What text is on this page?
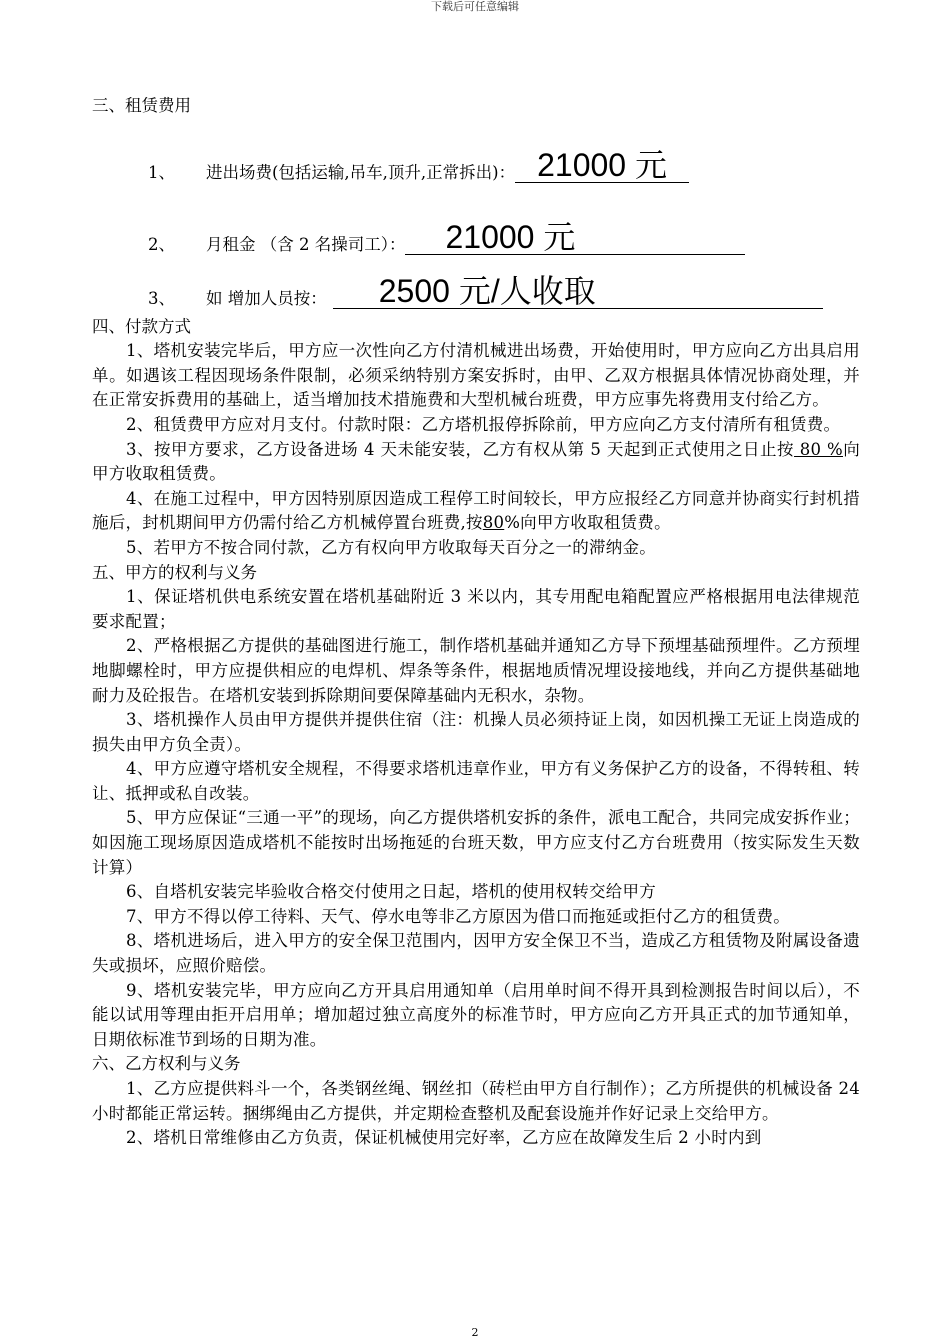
下载后可任意编辑

三、租赁费用

1、	进出场费(包括运输,吊车,顶升,正常拆出)： 21000 元
2、	月租金 （含 2 名操司工）：	21000 元
3、	如 增加人员按：	2500 元/人收取

四、付款方式

1、塔机安装完毕后，甲方应一次性向乙方付清机械进出场费，开始使用时，甲方应向乙方出具启用单。如遇该工程因现场条件限制，必须采纳特别方案安拆时，由甲、乙双方根据具体情况协商处理，并在正常安拆费用的基础上，适当增加技术措施费和大型机械台班费，甲方应事先将费用支付给乙方。

2、租赁费甲方应对月支付。付款时限：乙方塔机报停拆除前，甲方应向乙方支付清所有租赁费。

3、按甲方要求，乙方设备进场 4 天未能安装，乙方有权从第 5 天起到正式使用之日止按 80 %向甲方收取租赁费。

4、在施工过程中，甲方因特别原因造成工程停工时间较长，甲方应报经乙方同意并协商实行封机措施后，封机期间甲方仍需付给乙方机械停置台班费,按80%向甲方收取租赁费。

5、若甲方不按合同付款，乙方有权向甲方收取每天百分之一的滞纳金。

五、甲方的权利与义务

1、保证塔机供电系统安置在塔机基础附近 3 米以内，其专用配电箱配置应严格根据用电法律规范要求配置；

2、严格根据乙方提供的基础图进行施工，制作塔机基础并通知乙方导下预埋基础预埋件。乙方预埋地脚螺栓时，甲方应提供相应的电焊机、焊条等条件，根据地质情况埋设接地线，并向乙方提供基础地耐力及砼报告。在塔机安装到拆除期间要保障基础内无积水，杂物。

3、塔机操作人员由甲方提供并提供住宿（注：机操人员必须持证上岗，如因机操工无证上岗造成的损失由甲方负全责）。

4、甲方应遵守塔机安全规程，不得要求塔机违章作业，甲方有义务保护乙方的设备，不得转租、转让、抵押或私自改装。

5、甲方应保证“三通一平”的现场，向乙方提供塔机安拆的条件，派电工配合，共同完成安拆作业；如因施工现场原因造成塔机不能按时出场拖延的台班天数，甲方应支付乙方台班费用（按实际发生天数计算）

6、自塔机安装完毕验收合格交付使用之日起，塔机的使用权转交给甲方

7、甲方不得以停工待料、天气、停水电等非乙方原因为借口而拖延或拒付乙方的租赁费。

8、塔机进场后，进入甲方的安全保卫范围内，因甲方安全保卫不当，造成乙方租赁物及附属设备遗失或损坏，应照价赔偿。

9、塔机安装完毕，甲方应向乙方开具启用通知单（启用单时间不得开具到检测报告时间以后），不能以试用等理由拒开启用单；增加超过独立高度外的标准节时，甲方应向乙方开具正式的加节通知单，日期依标准节到场的日期为准。

六、乙方权利与义务

1、乙方应提供料斗一个，各类钢丝绳、钢丝扣（砖栏由甲方自行制作）；乙方所提供的机械设备 24 小时都能正常运转。捆绑绳由乙方提供，并定期检查整机及配套设施并作好记录上交给甲方。

2、塔机日常维修由乙方负责，保证机械使用完好率，乙方应在故障发生后 2 小时内到

2
